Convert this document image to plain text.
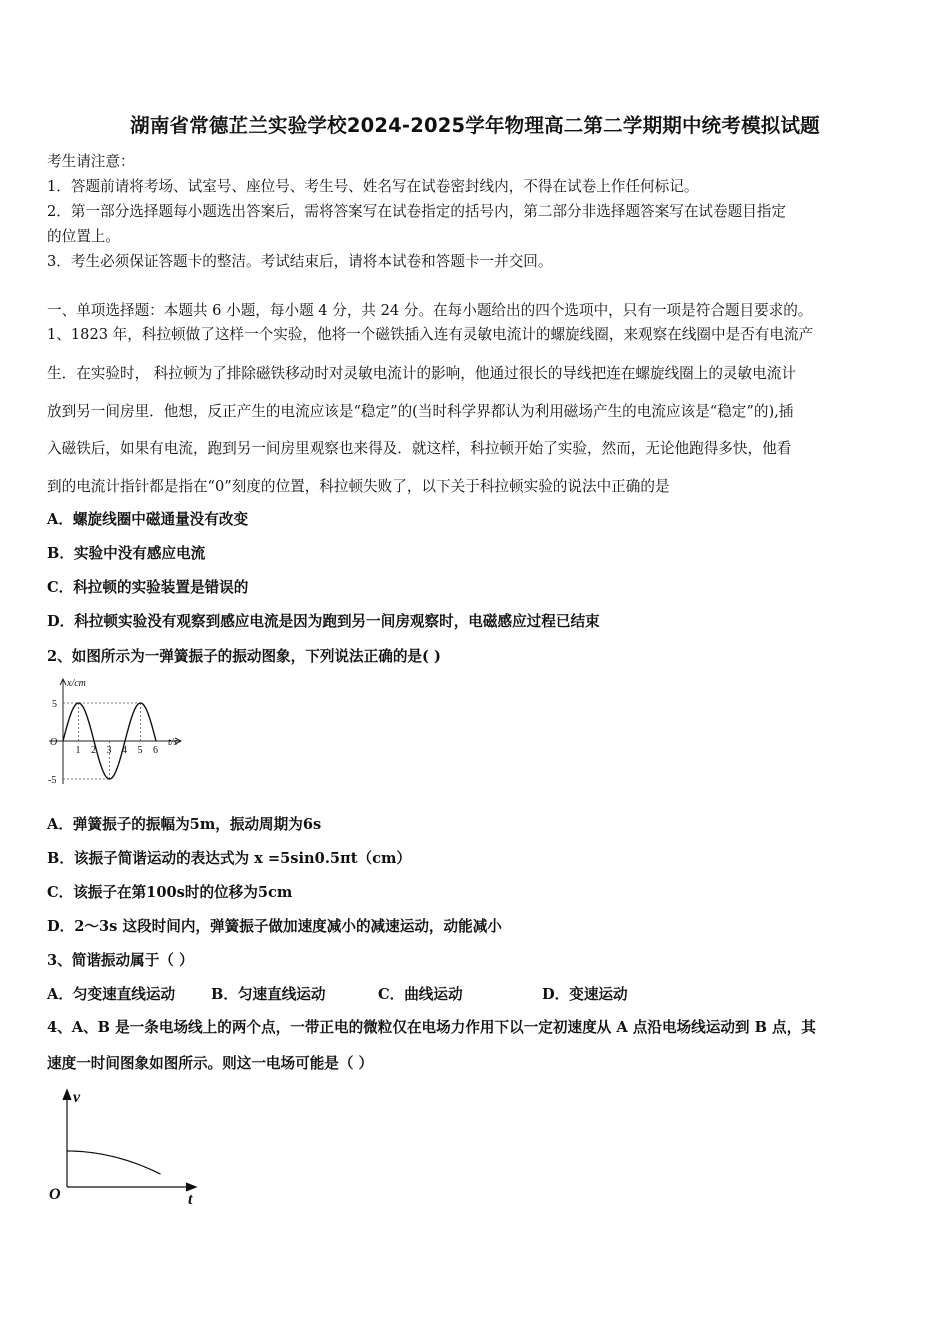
湖南省常德芷兰实验学校2024-2025学年物理高二第二学期期中统考模拟试题
考生请注意：
1．答题前请将考场、试室号、座位号、考生号、姓名写在试卷密封线内，不得在试卷上作任何标记。
2．第一部分选择题每小题选出答案后，需将答案写在试卷指定的括号内，第二部分非选择题答案写在试卷题目指定
的位置上。
3．考生必须保证答题卡的整洁。考试结束后，请将本试卷和答题卡一并交回。
一、单项选择题：本题共 6 小题，每小题 4 分，共 24 分。在每小题给出的四个选项中，只有一项是符合题目要求的。
1、1823 年，科拉顿做了这样一个实验，他将一个磁铁插入连有灵敏电流计的螺旋线圈，来观察在线圈中是否有电流产
生．在实验时， 科拉顿为了排除磁铁移动时对灵敏电流计的影响，他通过很长的导线把连在螺旋线圈上的灵敏电流计
放到另一间房里．他想，反正产生的电流应该是“稳定”的(当时科学界都认为利用磁场产生的电流应该是“稳定”的),插
入磁铁后，如果有电流，跑到另一间房里观察也来得及．就这样，科拉顿开始了实验，然而，无论他跑得多快，他看
到的电流计指针都是指在“0”刻度的位置，科拉顿失败了，以下关于科拉顿实验的说法中正确的是
A．螺旋线圈中磁通量没有改变
B．实验中没有感应电流
C．科拉顿的实验装置是错误的
D．科拉顿实验没有观察到感应电流是因为跑到另一间房观察时，电磁感应过程已结束
2、如图所示为一弹簧振子的振动图象，下列说法正确的是( )
x/cm
t/s
O
5
-5
1 2 3 4 5 6
A．弹簧振子的振幅为5m，振动周期为6s
B．该振子简谐运动的表达式为 x =5sin0.5πt（cm）
C．该振子在第100s时的位移为5cm
D．2～3s 这段时间内，弹簧振子做加速度减小的减速运动，动能减小
3、简谐振动属于（ ）
A．匀变速直线运动 B．匀速直线运动	C．曲线运动	D．变速运动
4、A、B 是一条电场线上的两个点，一带正电的微粒仅在电场力作用下以一定初速度从 A 点沿电场线运动到 B 点，其
速度一时间图象如图所示。则这一电场可能是（ ）
v
t
O
